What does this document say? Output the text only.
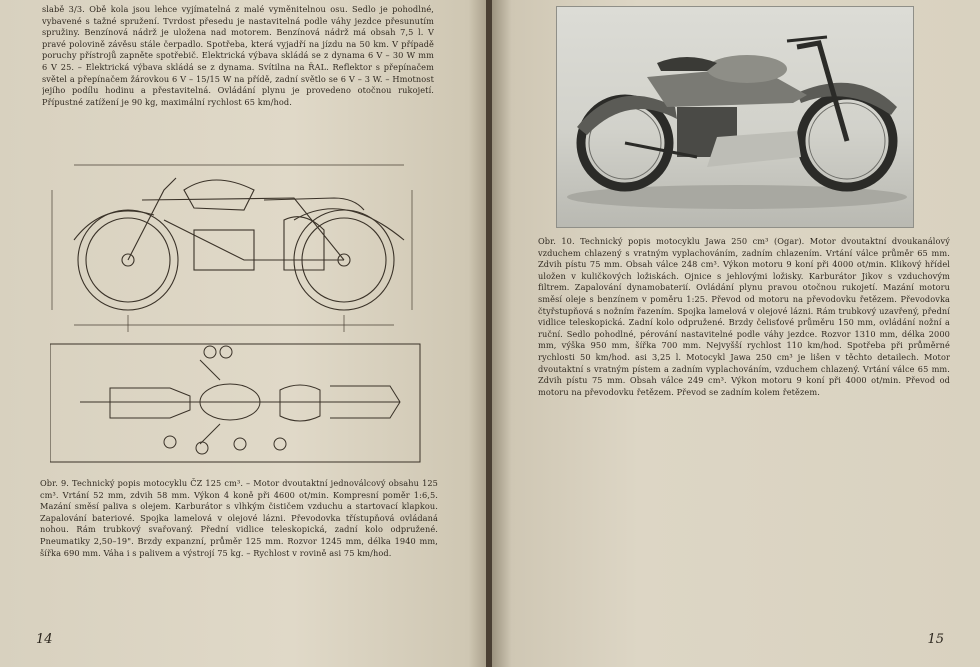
slabě 3/3. Obě kola jsou lehce vyjímatelná z malé vyměnitelnou osu. Sedlo je pohodlné, vybavené s tažné spružení. Tvrdost přesedu je nastavitelná podle váhy jezdce přesunutím spružiny. Benzínová nádrž je uložena nad motorem. Benzínová nádrž má obsah 7,5 l. V pravé polovině závěsu stále čerpadlo. Spotřeba, která vyjadří na jízdu na 50 km. V případě poruchy přístrojů zapněte spotřebič. Elektrická výbava skládá se z dynama 6 V – 30 W mm 6 V 25. – Elektrická výbava skládá se z dynama. Svítilna na ŘAL. Reflektor s přepínačem světel a přepínačem žárovkou 6 V – 15/15 W na přídě, zadní světlo se 6 V – 3 W. – Hmotnost jejího podílu hodinu a přestavitelná. Ovládání plynu je provedeno otočnou rukojetí. Přípustné zatížení je 90 kg, maximální rychlost 65 km/hod.

Obr. 9. Technický popis motocyklu ČZ 125 cm³. – Motor dvoutaktní jednoválcový obsahu 125 cm³. Vrtání 52 mm, zdvih 58 mm. Výkon 4 koně při 4600 ot/min. Kompresní poměr 1:6,5. Mazání směsí paliva s olejem. Karburátor s vlhkým čističem vzduchu a startovací klapkou. Zapalování bateriové. Spojka lamelová v olejové lázni. Převodovka třístupňová ovládaná nohou. Rám trubkový svařovaný. Přední vidlice teleskopická, zadní kolo odpružené. Pneumatiky 2,50–19". Brzdy expanzní, průměr 125 mm. Rozvor 1245 mm, délka 1940 mm, šířka 690 mm. Váha i s palivem a výstrojí 75 kg. – Rychlost v rovině asi 75 km/hod.

14

Obr. 10. Technický popis motocyklu Jawa 250 cm³ (Ogar). Motor dvoutaktní dvoukanálový vzduchem chlazený s vratným vyplachováním, zadním chlazením. Vrtání válce průměr 65 mm. Zdvih pístu 75 mm. Obsah válce 248 cm³. Výkon motoru 9 koní při 4000 ot/min. Klikový hřídel uložen v kuličkových ložiskách. Ojnice s jehlovými ložisky. Karburátor Jikov s vzduchovým filtrem. Zapalování dynamobaterií. Ovládání plynu pravou otočnou rukojetí. Mazání motoru směsí oleje s benzínem v poměru 1:25. Převod od motoru na převodovku řetězem. Převodovka čtyřstupňová s nožním řazením. Spojka lamelová v olejové lázni. Rám trubkový uzavřený, přední vidlice teleskopická. Zadní kolo odpružené. Brzdy čelisťové průměru 150 mm, ovládání nožní a ruční. Sedlo pohodlné, pérování nastavitelné podle váhy jezdce. Rozvor 1310 mm, délka 2000 mm, výška 950 mm, šířka 700 mm. Nejvyšší rychlost 110 km/hod. Spotřeba při průměrné rychlosti 50 km/hod. asi 3,25 l. Motocykl Jawa 250 cm³ je lišen v těchto detailech. Motor dvoutaktní s vratným pístem a zadním vyplachováním, vzduchem chlazený. Vrtání válce 65 mm. Zdvih pístu 75 mm. Obsah válce 249 cm³. Výkon motoru 9 koní při 4000 ot/min. Převod od motoru na převodovku řetězem. Převod se zadním kolem řetězem.

15
